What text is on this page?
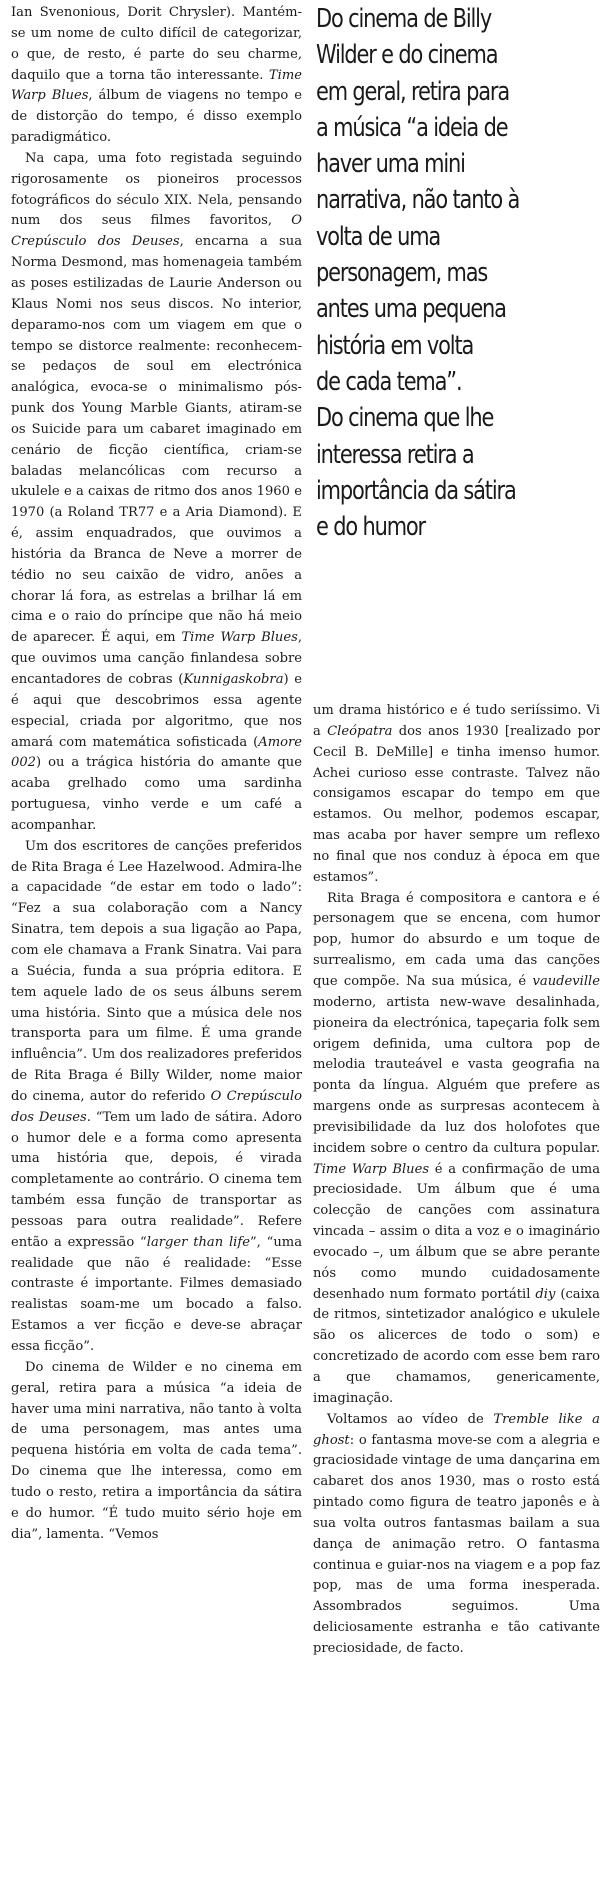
Ian Svenonious, Dorit Chrysler). Mantém-se um nome de culto difícil de categorizar, o que, de resto, é parte do seu charme, daquilo que a torna tão interessante. Time Warp Blues, álbum de viagens no tempo e de distorção do tempo, é disso exemplo paradigmático.

Na capa, uma foto registada seguindo rigorosamente os pioneiros processos fotográficos do século XIX. Nela, pensando num dos seus filmes favoritos, O Crepúsculo dos Deuses, encarna a sua Norma Desmond, mas homenageia também as poses estilizadas de Laurie Anderson ou Klaus Nomi nos seus discos. No interior, deparamo-nos com um viagem em que o tempo se distorce realmente: reconhecem-se pedaços de soul em electrónica analógica, evoca-se o minimalismo pós-punk dos Young Marble Giants, atiram-se os Suicide para um cabaret imaginado em cenário de ficção científica, criam-se baladas melancólicas com recurso a ukulele e a caixas de ritmo dos anos 1960 e 1970 (a Roland TR77 e a Aria Diamond). E é, assim enquadrados, que ouvimos a história da Branca de Neve a morrer de tédio no seu caixão de vidro, anões a chorar lá fora, as estrelas a brilhar lá em cima e o raio do príncipe que não há meio de aparecer. É aqui, em Time Warp Blues, que ouvimos uma canção finlandesa sobre encantadores de cobras (Kunnigaskobra) e é aqui que descobrimos essa agente especial, criada por algoritmo, que nos amará com matemática sofisticada (Amore 002) ou a trágica história do amante que acaba grelhado como uma sardinha portuguesa, vinho verde e um café a acompanhar.

Um dos escritores de canções preferidos de Rita Braga é Lee Hazelwood. Admira-lhe a capacidade “de estar em todo o lado”: “Fez a sua colaboração com a Nancy Sinatra, tem depois a sua ligação ao Papa, com ele chamava a Frank Sinatra. Vai para a Suécia, funda a sua própria editora. E tem aquele lado de os seus álbuns serem uma história. Sinto que a música dele nos transporta para um filme. É uma grande influência”. Um dos realizadores preferidos de Rita Braga é Billy Wilder, nome maior do cinema, autor do referido O Crepúsculo dos Deuses. “Tem um lado de sátira. Adoro o humor dele e a forma como apresenta uma história que, depois, é virada completamente ao contrário. O cinema tem também essa função de transportar as pessoas para outra realidade”. Refere então a expressão “larger than life”, “uma realidade que não é realidade: “Esse contraste é importante. Filmes demasiado realistas soam-me um bocado a falso. Estamos a ver ficção e deve-se abraçar essa ficção”.

Do cinema de Wilder e no cinema em geral, retira para a música “a ideia de haver uma mini narrativa, não tanto à volta de uma personagem, mas antes uma pequena história em volta de cada tema”. Do cinema que lhe interessa, como em tudo o resto, retira a importância da sátira e do humor. “É tudo muito sério hoje em dia”, lamenta. “Vemos

Do cinema de Billy
Wilder e do cinema
em geral, retira para
a música “a ideia de
haver uma mini
narrativa, não tanto à
volta de uma
personagem, mas
antes uma pequena
história em volta
de cada tema”.
Do cinema que lhe
interessa retira a
importância da sátira
e do humor

um drama histórico e é tudo seriíssimo. Vi a Cleópatra dos anos 1930 [realizado por Cecil B. DeMille] e tinha imenso humor. Achei curioso esse contraste. Talvez não consigamos escapar do tempo em que estamos. Ou melhor, podemos escapar, mas acaba por haver sempre um reflexo no final que nos conduz à época em que estamos”.

Rita Braga é compositora e cantora e é personagem que se encena, com humor pop, humor do absurdo e um toque de surrealismo, em cada uma das canções que compõe. Na sua música, é vaudeville moderno, artista new-wave desalinhada, pioneira da electrónica, tapeçaria folk sem origem definida, uma cultora pop de melodia trauteável e vasta geografia na ponta da língua. Alguém que prefere as margens onde as surpresas acontecem à previsibilidade da luz dos holofotes que incidem sobre o centro da cultura popular. Time Warp Blues é a confirmação de uma preciosidade. Um álbum que é uma colecção de canções com assinatura vincada – assim o dita a voz e o imaginário evocado –, um álbum que se abre perante nós como mundo cuidadosamente desenhado num formato portátil diy (caixa de ritmos, sintetizador analógico e ukulele são os alicerces de todo o som) e concretizado de acordo com esse bem raro a que chamamos, genericamente, imaginação.

Voltamos ao vídeo de Tremble like a ghost: o fantasma move-se com a alegria e graciosidade vintage de uma dançarina em cabaret dos anos 1930, mas o rosto está pintado como figura de teatro japonês e à sua volta outros fantasmas bailam a sua dança de animação retro. O fantasma continua e guiar-nos na viagem e a pop faz pop, mas de uma forma inesperada. Assombrados seguimos. Uma deliciosamente estranha e tão cativante preciosidade, de facto.
